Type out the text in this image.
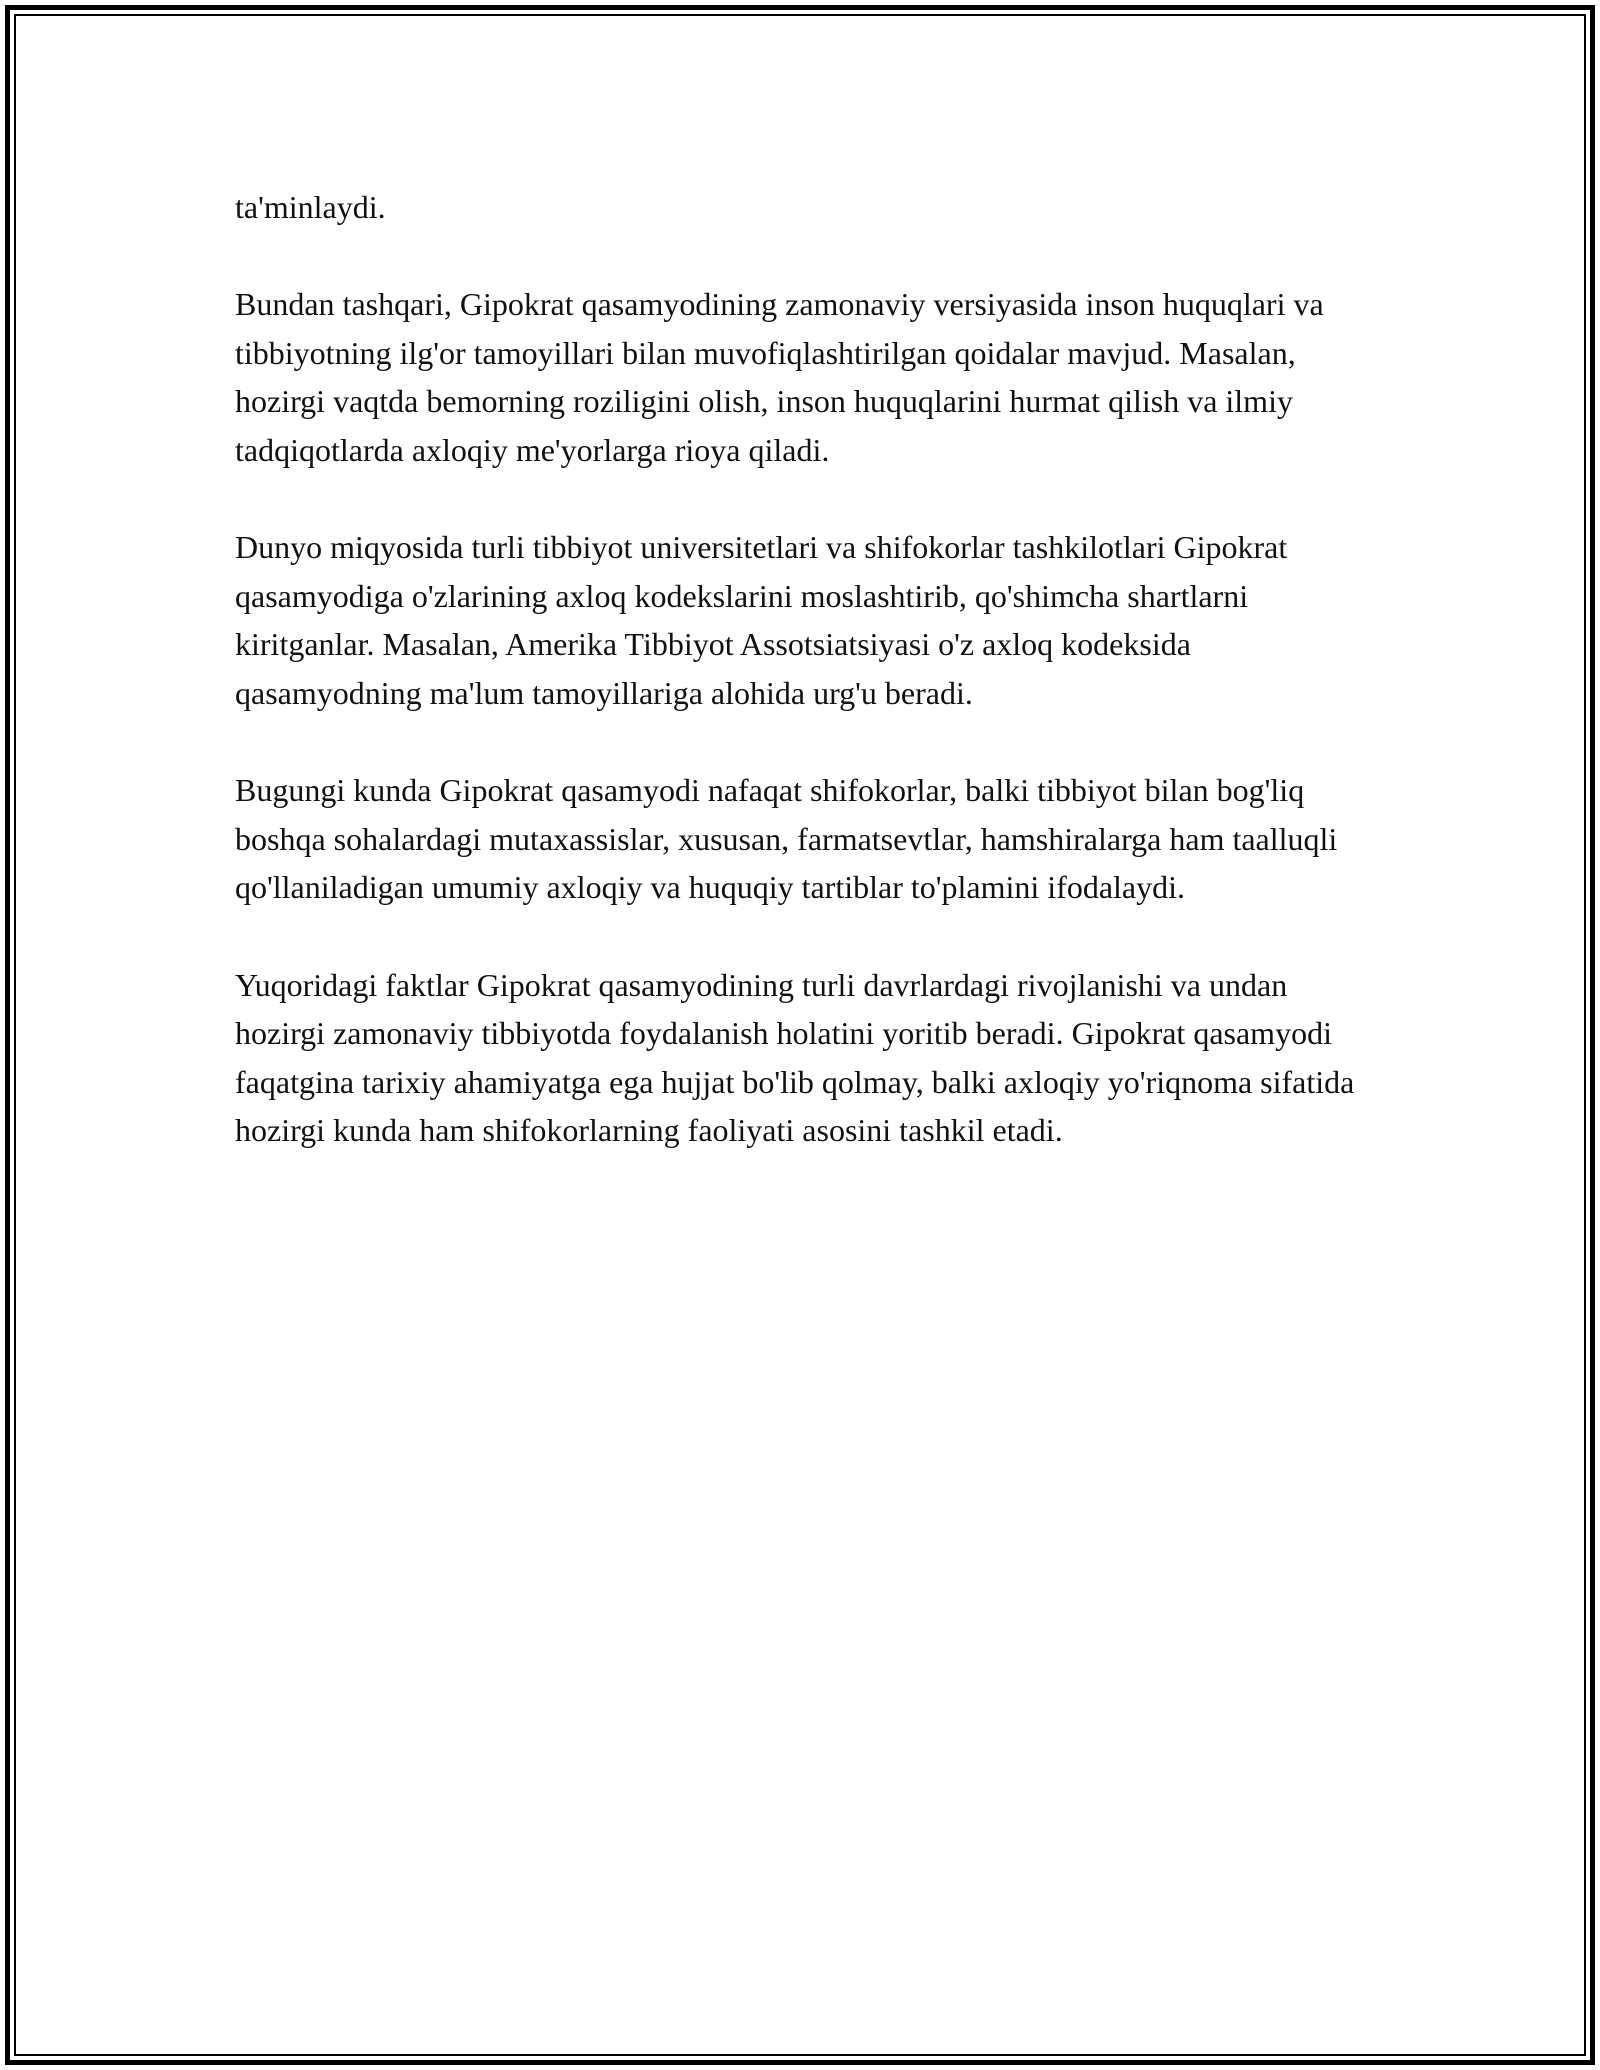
ta'minlaydi.

Bundan tashqari, Gipokrat qasamyodining zamonaviy versiyasida inson huquqlari va tibbiyotning ilg'or tamoyillari bilan muvofiqlashtirilgan qoidalar mavjud. Masalan, hozirgi vaqtda bemorning roziligini olish, inson huquqlarini hurmat qilish va ilmiy tadqiqotlarda axloqiy me'yorlarga rioya qiladi.

Dunyo miqyosida turli tibbiyot universitetlari va shifokorlar tashkilotlari Gipokrat qasamyodiga o'zlarining axloq kodekslarini moslashtirib, qo'shimcha shartlarni kiritganlar. Masalan, Amerika Tibbiyot Assotsiatsiyasi o'z axloq kodeksida qasamyodning ma'lum tamoyillariga alohida urg'u beradi.

Bugungi kunda Gipokrat qasamyodi nafaqat shifokorlar, balki tibbiyot bilan bog'liq boshqa sohalardagi mutaxassislar, xususan, farmatsevtlar, hamshiralarga ham taalluqli qo'llaniladigan umumiy axloqiy va huquqiy tartiblar to'plamini ifodalaydi.

Yuqoridagi faktlar Gipokrat qasamyodining turli davrlardagi rivojlanishi va undan hozirgi zamonaviy tibbiyotda foydalanish holatini yoritib beradi. Gipokrat qasamyodi faqatgina tarixiy ahamiyatga ega hujjat bo'lib qolmay, balki axloqiy yo'riqnoma sifatida hozirgi kunda ham shifokorlarning faoliyati asosini tashkil etadi.
